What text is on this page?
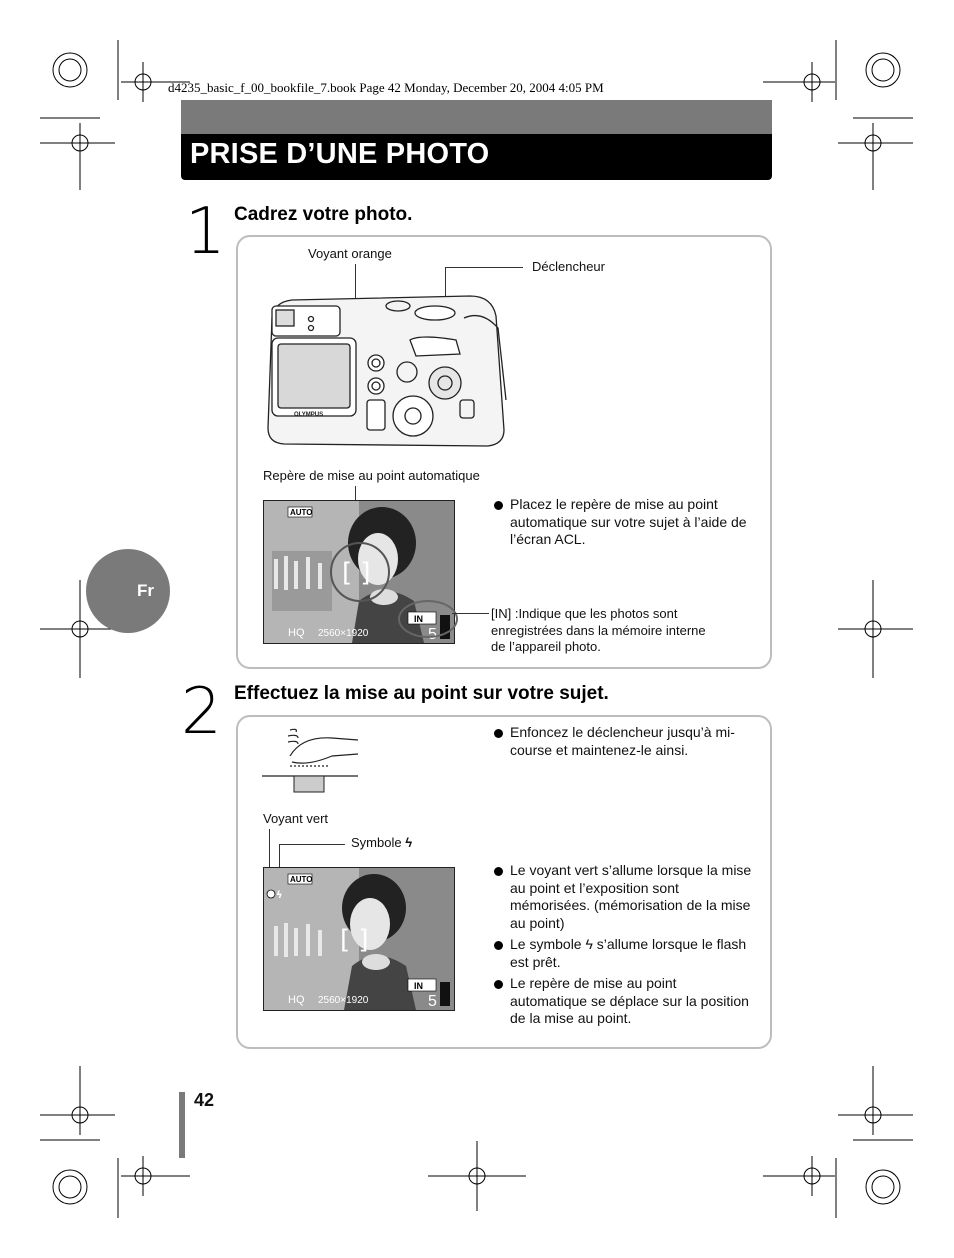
d4235_basic_f_00_bookfile_7.book Page 42 Monday, December 20, 2004 4:05 PM
PRISE D’UNE PHOTO
Fr
1 Cadrez votre photo.
Voyant orange
Déclencheur
OLYMPUS
Repère de mise au point automatique
[ ]
AUTO
HQ 2560×1920
IN
5
Placez le repère de mise au point automatique sur votre sujet à l’aide de l’écran ACL.
[IN] :Indique que les photos sont enregistrées dans la mémoire interne de l’appareil photo.
2 Effectuez la mise au point sur votre sujet.
Enfoncez le déclencheur jusqu’à mi-course et maintenez-le ainsi.
Voyant vert
Symbole ϟ
[ ]
ϟ
AUTO
HQ 2560×1920
IN
5
Le voyant vert s’allume lorsque la mise au point et l’exposition sont mémorisées. (mémorisation de la mise au point)
Le symbole ϟ s’allume lorsque le flash est prêt.
Le repère de mise au point automatique se déplace sur la position de la mise au point.
42
